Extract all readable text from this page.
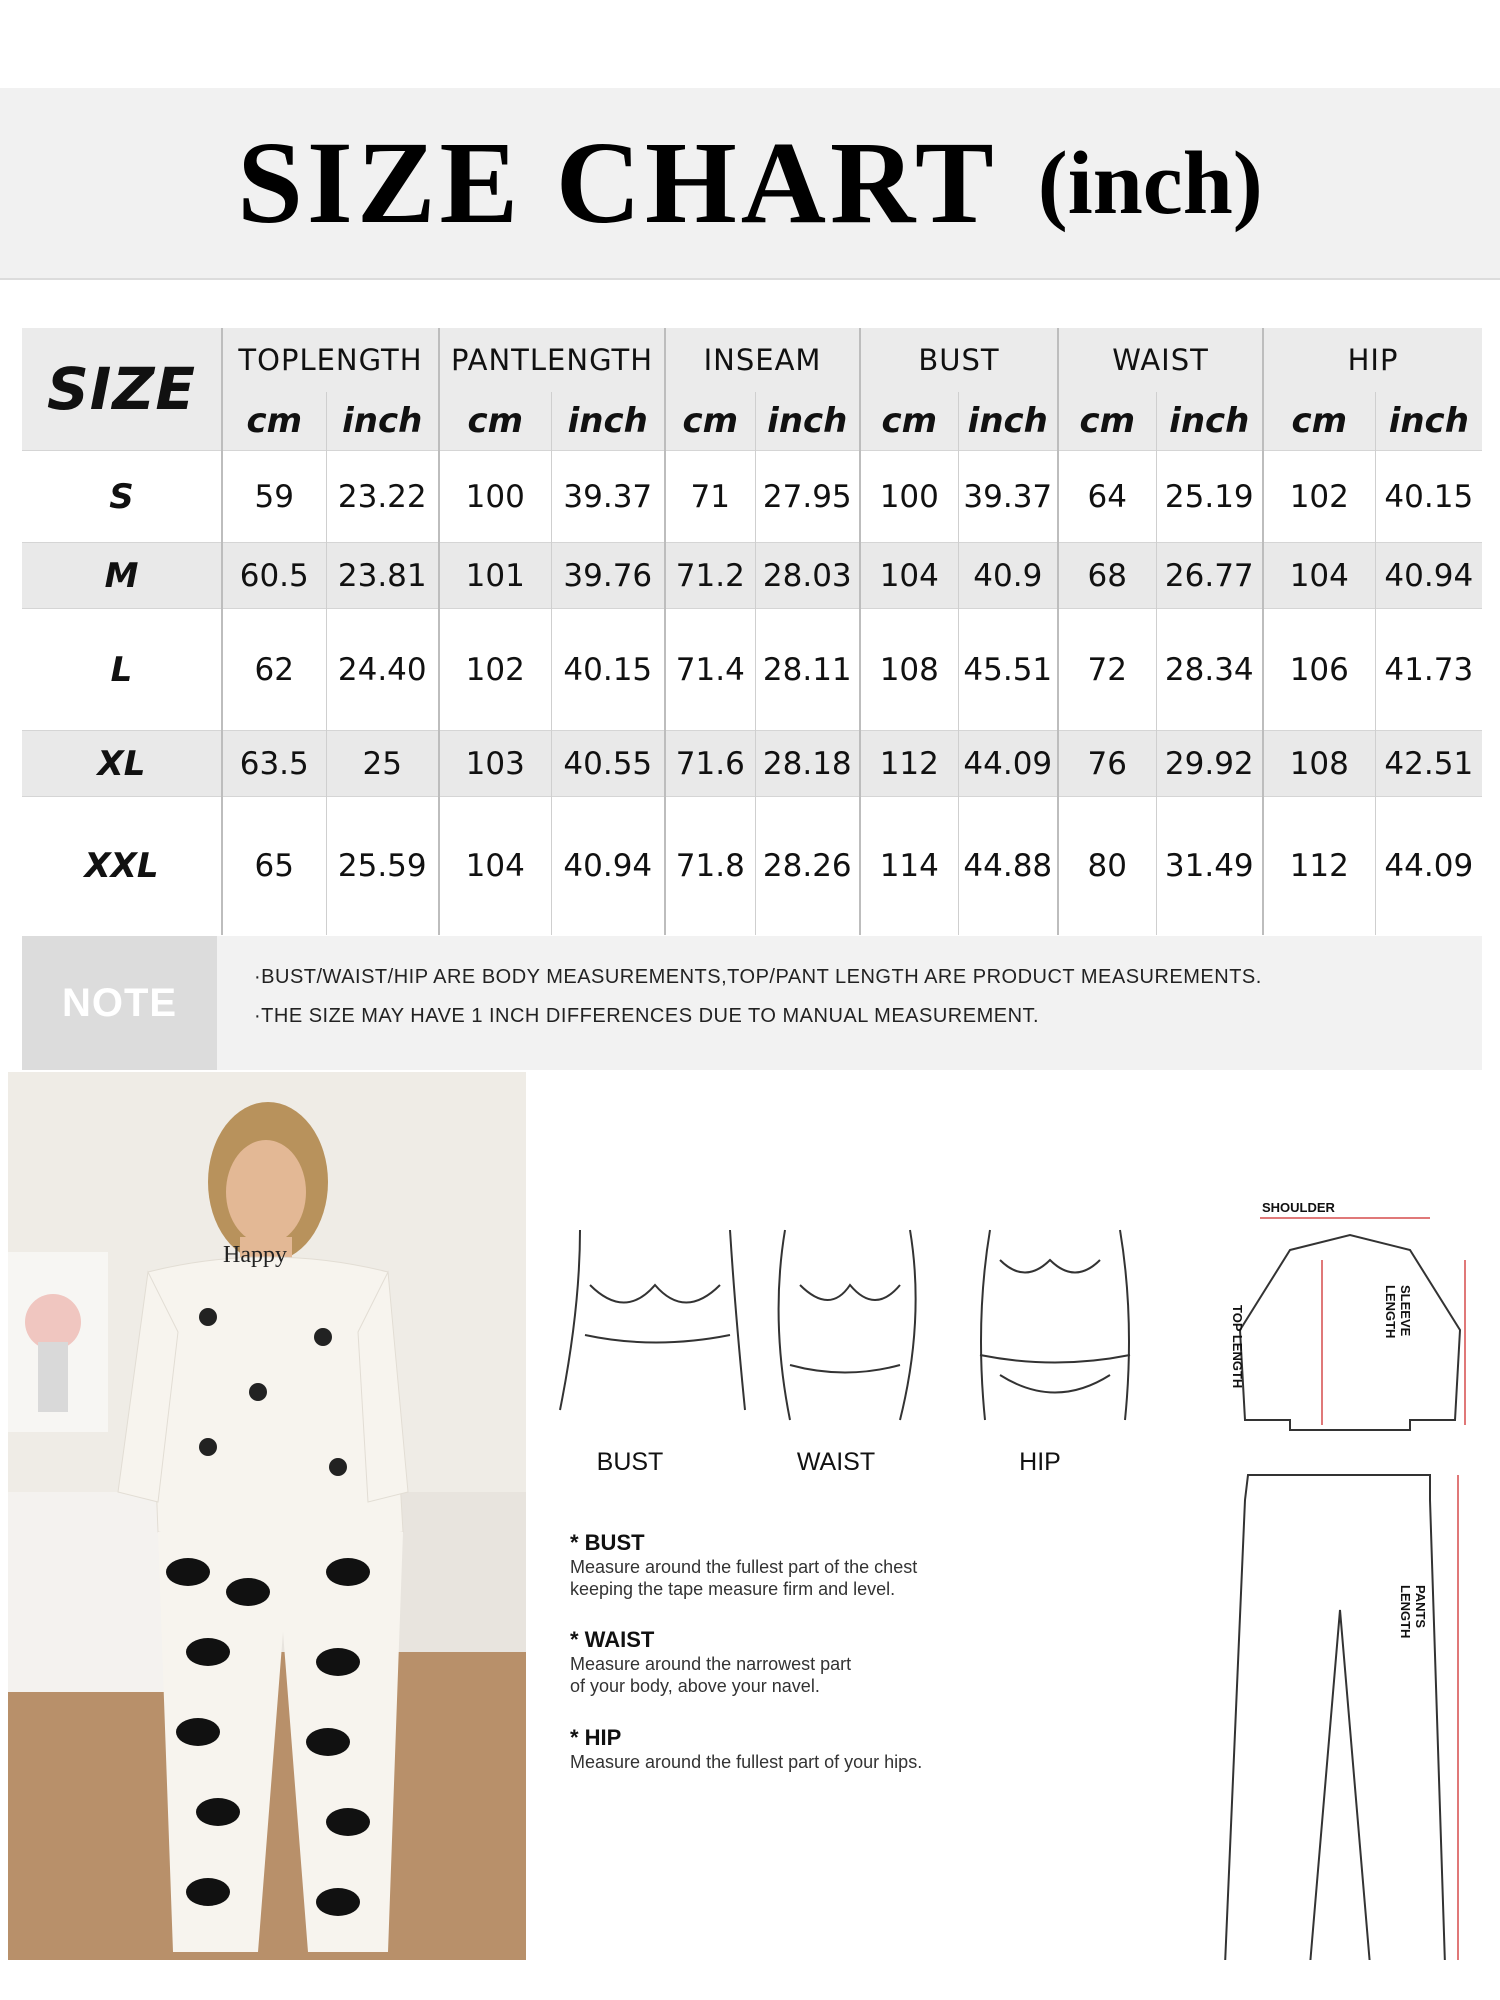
SIZE CHART (inch)
SIZE	TOPLENGTH		PANTLENGTH		INSEAM		BUST		WAIST		HIP	
	cm	inch	cm	inch	cm	inch	cm	inch	cm	inch	cm	inch
S	59	23.22	100	39.37	71	27.95	100	39.37	64	25.19	102	40.15
M	60.5	23.81	101	39.76	71.2	28.03	104	40.9	68	26.77	104	40.94
L	62	24.40	102	40.15	71.4	28.11	108	45.51	72	28.34	106	41.73
XL	63.5	25	103	40.55	71.6	28.18	112	44.09	76	29.92	108	42.51
XXL	65	25.59	104	40.94	71.8	28.26	114	44.88	80	31.49	112	44.09
NOTE
·BUST/WAIST/HIP ARE BODY MEASUREMENTS,TOP/PANT LENGTH ARE PRODUCT MEASUREMENTS.
·THE SIZE MAY HAVE 1 INCH DIFFERENCES DUE TO MANUAL MEASUREMENT.
Happy
BUST	WAIST	HIP
SHOULDER
TOP LENGTH	SLEEVE LENGTH
PANTS LENGTH
* BUST
Measure around the fullest part of the chest
keeping the tape measure firm and level.
* WAIST
Measure around the narrowest part
of your body, above your navel.
* HIP
Measure around the fullest part of your hips.
